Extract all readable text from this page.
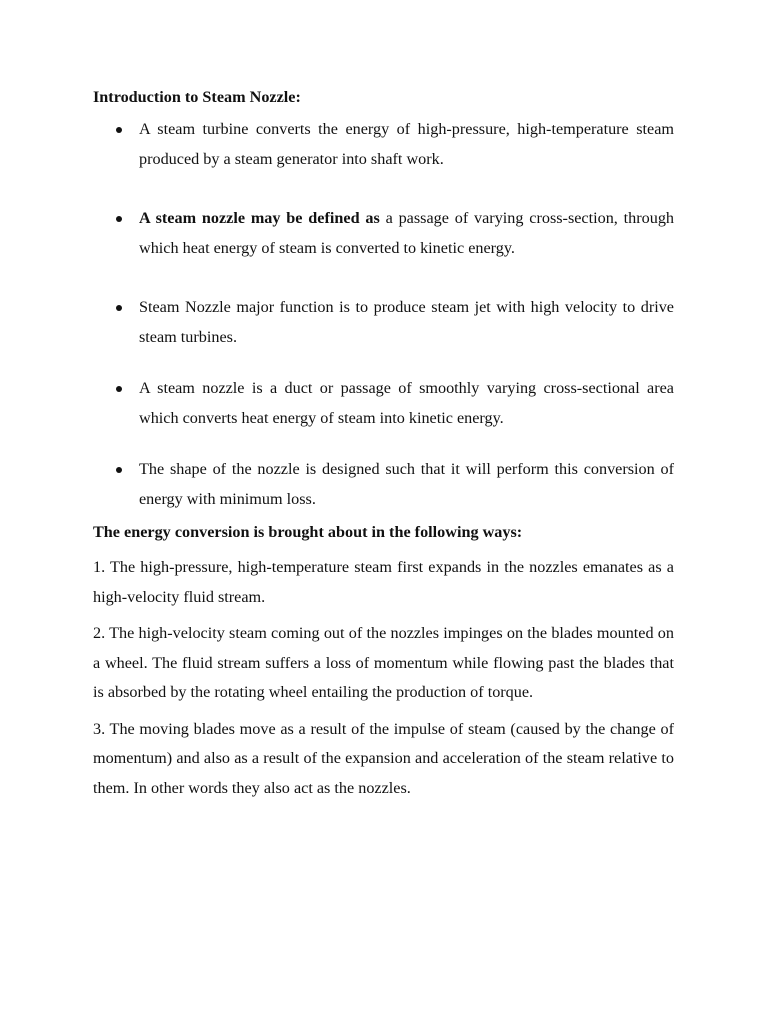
Introduction to Steam Nozzle:

A steam turbine converts the energy of high-pressure, high-temperature steam produced by a steam generator into shaft work.
A steam nozzle may be defined as a passage of varying cross-section, through which heat energy of steam is converted to kinetic energy.
Steam Nozzle major function is to produce steam jet with high velocity to drive steam turbines.
A steam nozzle is a duct or passage of smoothly varying cross-sectional area which converts heat energy of steam into kinetic energy.
The shape of the nozzle is designed such that it will perform this conversion of energy with minimum loss.

The energy conversion is brought about in the following ways:

1. The high-pressure, high-temperature steam first expands in the nozzles emanates as a high-velocity fluid stream.

2. The high-velocity steam coming out of the nozzles impinges on the blades mounted on a wheel. The fluid stream suffers a loss of momentum while flowing past the blades that is absorbed by the rotating wheel entailing the production of torque.

3. The moving blades move as a result of the impulse of steam (caused by the change of momentum) and also as a result of the expansion and acceleration of the steam relative to them. In other words they also act as the nozzles.
